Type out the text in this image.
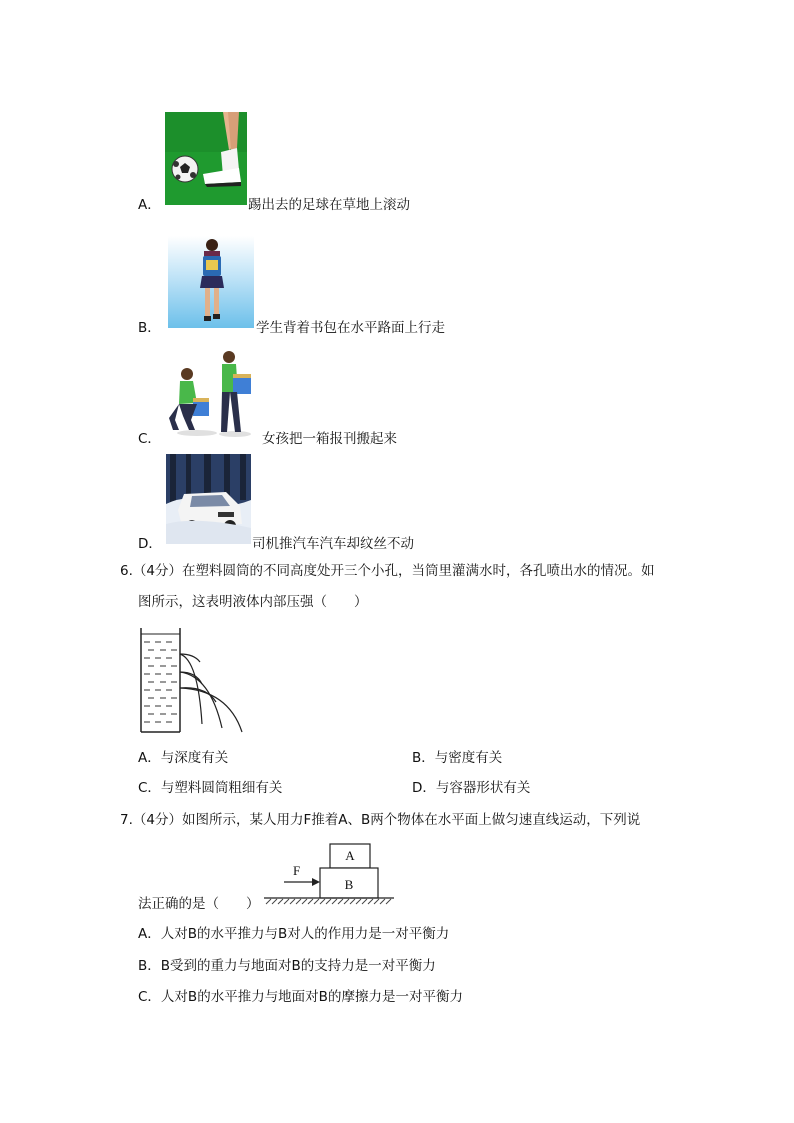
A．	踢出去的足球在草地上滚动
B．	学生背着书包在水平路面上行走
C．	女孩把一箱报刊搬起来
D．	司机推汽车汽车却纹丝不动
6.（4分）在塑料圆筒的不同高度处开三个小孔，当筒里灌满水时，各孔喷出水的情况。如
图所示，这表明液体内部压强（　　）
A．与深度有关	B．与密度有关
C．与塑料圆筒粗细有关	D．与容器形状有关
7.（4分）如图所示，某人用力F推着A、B两个物体在水平面上做匀速直线运动，下列说
A
B
F
法正确的是（　　）
A．人对B的水平推力与B对人的作用力是一对平衡力
B．B受到的重力与地面对B的支持力是一对平衡力
C．人对B的水平推力与地面对B的摩擦力是一对平衡力
